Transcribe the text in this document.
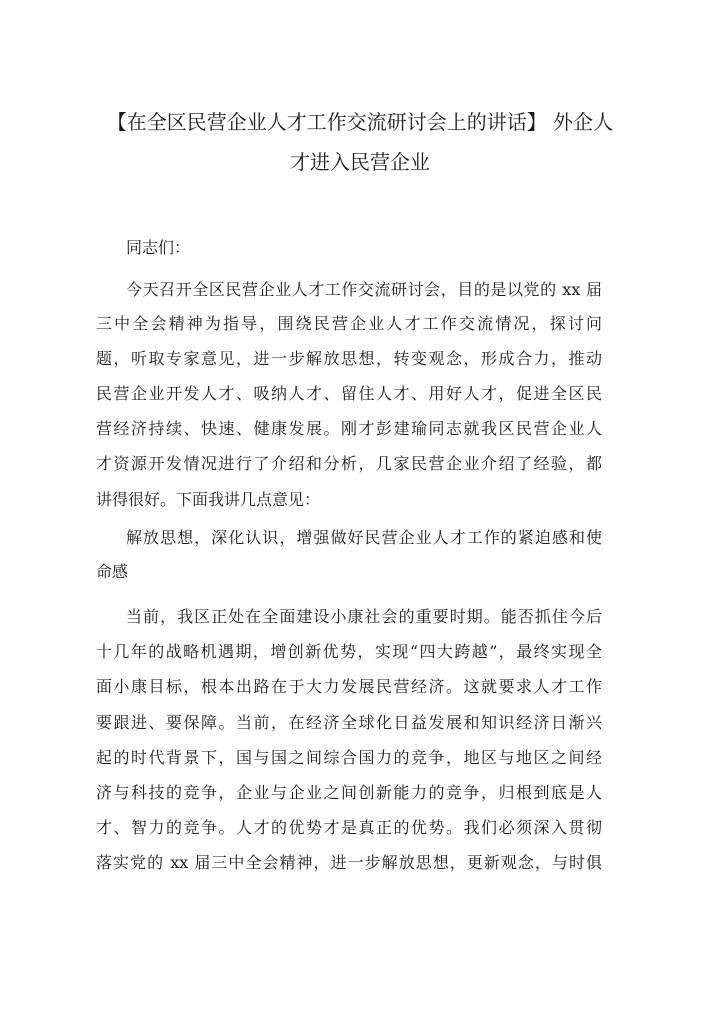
【在全区民营企业人才工作交流研讨会上的讲话】 外企人
才进入民营企业
同志们：
今天召开全区民营企业人才工作交流研讨会，目的是以党的 xx 届
三中全会精神为指导，围绕民营企业人才工作交流情况，探讨问
题，听取专家意见，进一步解放思想，转变观念，形成合力，推动
民营企业开发人才、吸纳人才、留住人才、用好人才，促进全区民
营经济持续、快速、健康发展。刚才彭建瑜同志就我区民营企业人
才资源开发情况进行了介绍和分析，几家民营企业介绍了经验，都
讲得很好。下面我讲几点意见：
解放思想，深化认识，增强做好民营企业人才工作的紧迫感和使
命感
当前，我区正处在全面建设小康社会的重要时期。能否抓住今后
十几年的战略机遇期，增创新优势，实现“四大跨越”，最终实现全
面小康目标，根本出路在于大力发展民营经济。这就要求人才工作
要跟进、要保障。当前，在经济全球化日益发展和知识经济日渐兴
起的时代背景下，国与国之间综合国力的竞争，地区与地区之间经
济与科技的竞争，企业与企业之间创新能力的竞争，归根到底是人
才、智力的竞争。人才的优势才是真正的优势。我们必须深入贯彻
落实党的 xx 届三中全会精神，进一步解放思想，更新观念，与时俱
